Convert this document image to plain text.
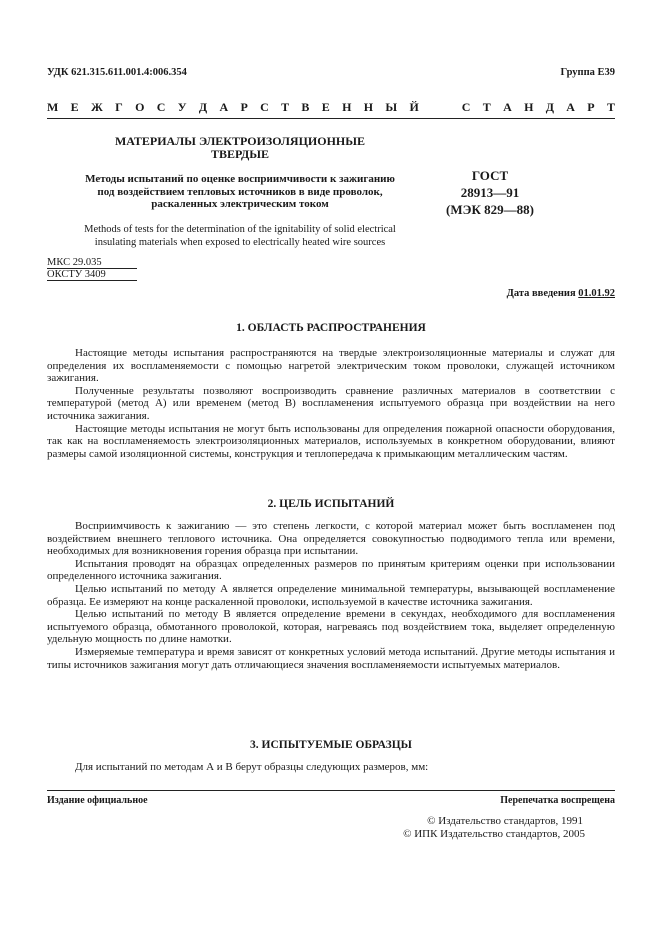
УДК 621.315.611.001.4:006.354	Группа Е39
М Е Ж Г О С У Д А Р С Т В Е Н Н Ы Й

	С Т А Н Д А Р Т
МАТЕРИАЛЫ ЭЛЕКТРОИЗОЛЯЦИОННЫЕ
ТВЕРДЫЕ
Методы испытаний по оценке восприимчивости к зажиганию
под воздействием тепловых источников в виде проволок,
раскаленных электрическим током
Methods of tests for the determination of the ignitability of solid electrical
insulating materials when exposed to electrically heated wire sources
ГОСТ
28913—91
(МЭК 829—88)
МКС 29.035
ОКСТУ 3409
Дата введения 01.01.92
1. ОБЛАСТЬ РАСПРОСТРАНЕНИЯ

Настоящие методы испытания распространяются на твердые электроизоляционные материалы и служат для определения их воспламеняемости с помощью нагретой электрическим током проволоки, служащей источником зажигания.

Полученные результаты позволяют воспроизводить сравнение различных материалов в соответствии с температурой (метод А) или временем (метод В) воспламенения испытуемого образца при воздействии на него источника зажигания.

Настоящие методы испытания не могут быть использованы для определения пожарной опасности оборудования, так как на воспламеняемость электроизоляционных материалов, используемых в конкретном оборудовании, влияют размеры самой изоляционной системы, конструкция и теплопередача к примыкающим металлическим частям.

2. ЦЕЛЬ ИСПЫТАНИЙ

Восприимчивость к зажиганию — это степень легкости, с которой материал может быть воспламенен под воздействием внешнего теплового источника. Она определяется совокупностью подводимого тепла или времени, необходимых для возникновения горения образца при испытании.

Испытания проводят на образцах определенных размеров по принятым критериям оценки при использовании определенного источника зажигания.

Целью испытаний по методу А является определение минимальной температуры, вызывающей воспламенение образца. Ее измеряют на конце раскаленной проволоки, используемой в качестве источника зажигания.

Целью испытаний по методу В является определение времени в секундах, необходимого для воспламенения испытуемого образца, обмотанного проволокой, которая, нагреваясь под воздействием тока, выделяет определенную удельную мощность по длине намотки.

Измеряемые температура и время зависят от конкретных условий метода испытаний. Другие методы испытания и типы источников зажигания могут дать отличающиеся значения воспламеняемости испытуемых материалов.

3. ИСПЫТУЕМЫЕ ОБРАЗЦЫ

Для испытаний по методам А и В берут образцы следующих размеров, мм:

Издание официальное	Перепечатка воспрещена
© Издательство стандартов, 1991
© ИПК Издательство стандартов, 2005
